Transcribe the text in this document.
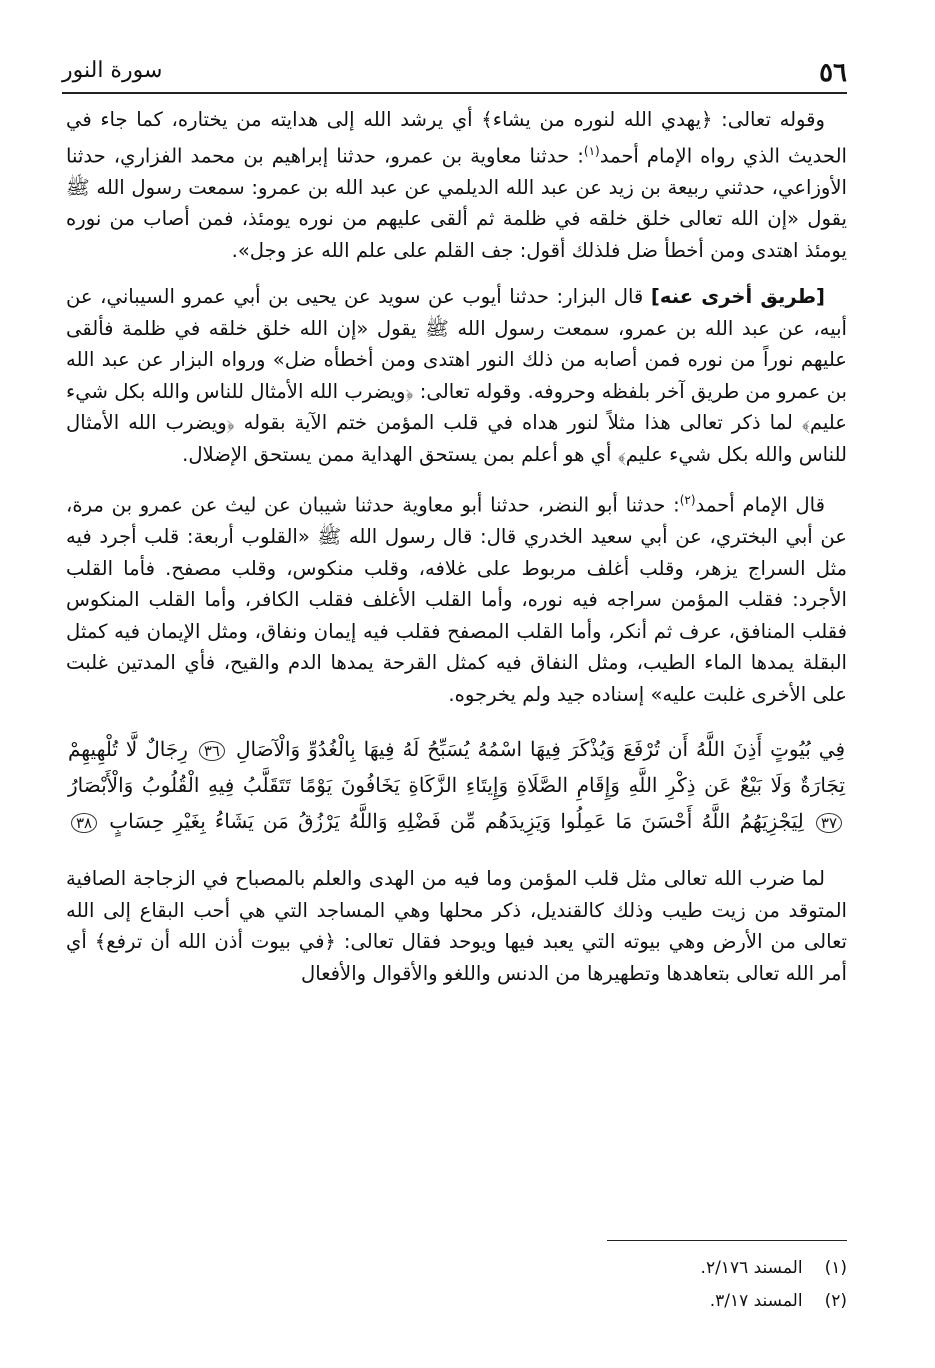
٥٦
سورة النور

وقوله تعالى: ﴿يهدي الله لنوره من يشاء﴾ أي يرشد الله إلى هدايته من يختاره، كما جاء في الحديث الذي رواه الإمام أحمد$^{(١)}$: حدثنا معاوية بن عمرو، حدثنا إبراهيم بن محمد الفزاري، حدثنا الأوزاعي، حدثني ربيعة بن زيد عن عبد الله الديلمي عن عبد الله بن عمرو: سمعت رسول الله ﷺ يقول «إن الله تعالى خلق خلقه في ظلمة ثم ألقى عليهم من نوره يومئذ، فمن أصاب من نوره يومئذ اهتدى ومن أخطأ ضل فلذلك أقول: جف القلم على علم الله عز وجل».

[طريق أخرى عنه] قال البزار: حدثنا أيوب عن سويد عن يحيى بن أبي عمرو السيباني، عن أبيه، عن عبد الله بن عمرو، سمعت رسول الله ﷺ يقول «إن الله خلق خلقه في ظلمة فألقى عليهم نوراً من نوره فمن أصابه من ذلك النور اهتدى ومن أخطأه ضل» ورواه البزار عن عبد الله بن عمرو من طريق آخر بلفظه وحروفه. وقوله تعالى: ﴿ويضرب الله الأمثال للناس والله بكل شيء عليم﴾ لما ذكر تعالى هذا مثلاً لنور هداه في قلب المؤمن ختم الآية بقوله ﴿ويضرب الله الأمثال للناس والله بكل شيء عليم﴾ أي هو أعلم بمن يستحق الهداية ممن يستحق الإضلال.

قال الإمام أحمد$^{(٢)}$: حدثنا أبو النضر، حدثنا أبو معاوية حدثنا شيبان عن ليث عن عمرو بن مرة، عن أبي البختري، عن أبي سعيد الخدري قال: قال رسول الله ﷺ «القلوب أربعة: قلب أجرد فيه مثل السراج يزهر، وقلب أغلف مربوط على غلافه، وقلب منكوس، وقلب مصفح. فأما القلب الأجرد: فقلب المؤمن سراجه فيه نوره، وأما القلب الأغلف فقلب الكافر، وأما القلب المنكوس فقلب المنافق، عرف ثم أنكر، وأما القلب المصفح فقلب فيه إيمان ونفاق، ومثل الإيمان فيه كمثل البقلة يمدها الماء الطيب، ومثل النفاق فيه كمثل القرحة يمدها الدم والقيح، فأي المدتين غلبت على الأخرى غلبت عليه» إسناده جيد ولم يخرجوه.

فِي بُيُوتٍ أَذِنَ اللَّهُ أَن تُرْفَعَ وَيُذْكَرَ فِيهَا اسْمُهُ يُسَبِّحُ لَهُ فِيهَا بِالْغُدُوِّ وَالْآصَالِ ٣٦ رِجَالٌ لَّا تُلْهِيهِمْ تِجَارَةٌ وَلَا بَيْعٌ عَن ذِكْرِ اللَّهِ وَإِقَامِ الصَّلَاةِ وَإِيتَاءِ الزَّكَاةِ يَخَافُونَ يَوْمًا تَتَقَلَّبُ فِيهِ الْقُلُوبُ وَالْأَبْصَارُ ٣٧ لِيَجْزِيَهُمُ اللَّهُ أَحْسَنَ مَا عَمِلُوا وَيَزِيدَهُم مِّن فَضْلِهِ وَاللَّهُ يَرْزُقُ مَن يَشَاءُ بِغَيْرِ حِسَابٍ ٣٨

لما ضرب الله تعالى مثل قلب المؤمن وما فيه من الهدى والعلم بالمصباح في الزجاجة الصافية المتوقد من زيت طيب وذلك كالقنديل، ذكر محلها وهي المساجد التي هي أحب البقاع إلى الله تعالى من الأرض وهي بيوته التي يعبد فيها ويوحد فقال تعالى: ﴿في بيوت أذن الله أن ترفع﴾ أي أمر الله تعالى بتعاهدها وتطهيرها من الدنس واللغو والأقوال والأفعال

(١)المسند ٢/١٧٦.
(٢)المسند ٣/١٧.
